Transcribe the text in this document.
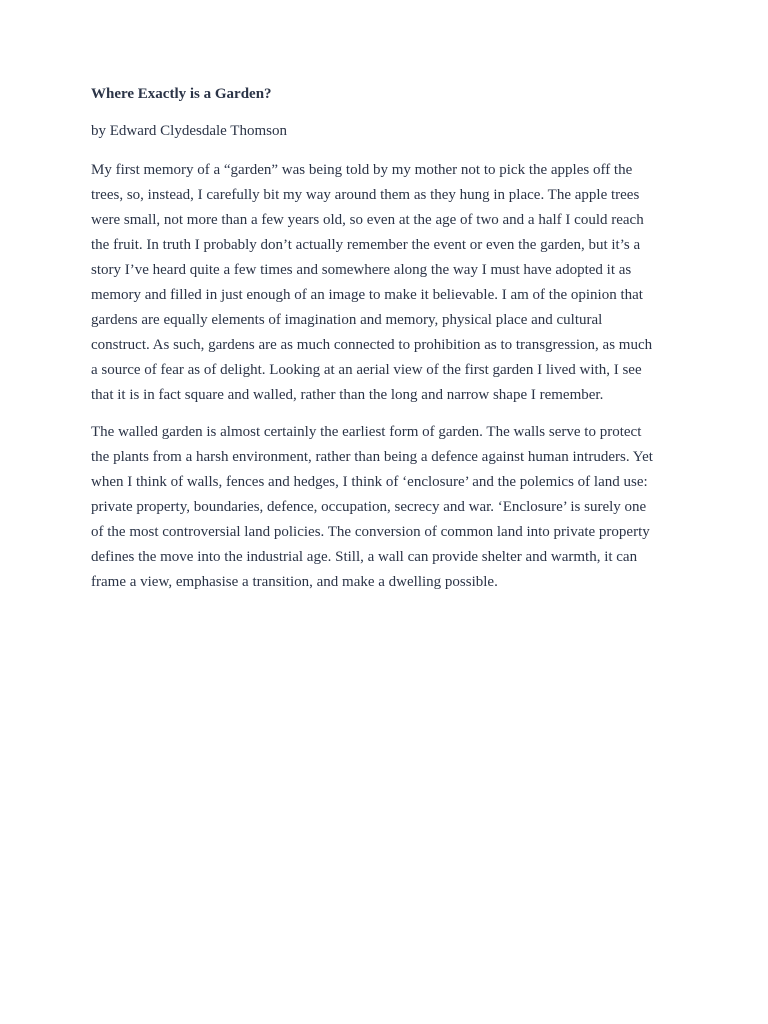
Where Exactly is a Garden?
by Edward Clydesdale Thomson
My first memory of a “garden” was being told by my mother not to pick the apples off the
trees, so, instead, I carefully bit my way around them as they hung in place. The apple trees
were small, not more than a few years old, so even at the age of two and a half I could reach
the fruit. In truth I probably don’t actually remember the event or even the garden, but it’s a
story I’ve heard quite a few times and somewhere along the way I must have adopted it as
memory and filled in just enough of an image to make it believable. I am of the opinion that
gardens are equally elements of imagination and memory, physical place and cultural
construct. As such, gardens are as much connected to prohibition as to transgression, as much
a source of fear as of delight. Looking at an aerial view of the first garden I lived with, I see
that it is in fact square and walled, rather than the long and narrow shape I remember.
The walled garden is almost certainly the earliest form of garden. The walls serve to protect
the plants from a harsh environment, rather than being a defence against human intruders. Yet
when I think of walls, fences and hedges, I think of ‘enclosure’ and the polemics of land use:
private property, boundaries, defence, occupation, secrecy and war. ‘Enclosure’ is surely one
of the most controversial land policies. The conversion of common land into private property
defines the move into the industrial age. Still, a wall can provide shelter and warmth, it can
frame a view, emphasise a transition, and make a dwelling possible.
